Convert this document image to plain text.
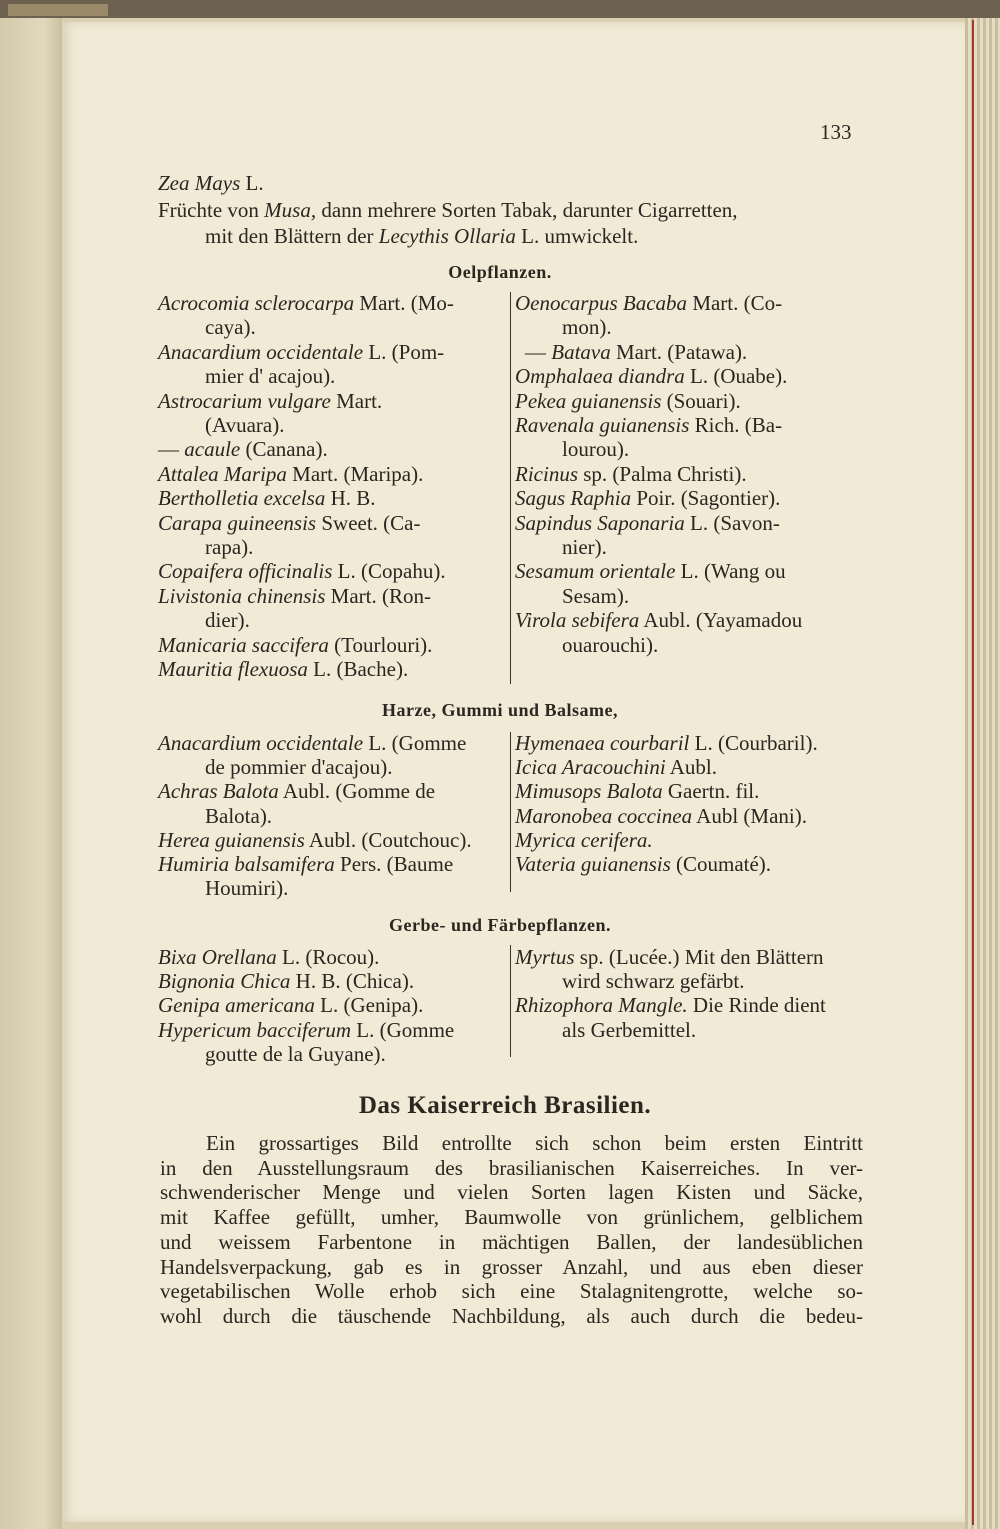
133
Zea Mays L.
Früchte von Musa, dann mehrere Sorten Tabak, darunter Cigarretten,
mit den Blättern der Lecythis Ollaria L. umwickelt.
Acrocomia sclerocarpa Mart. (Mo-
caya).
Anacardium occidentale L. (Pom-
mier d' acajou).
Astrocarium vulgare Mart.
(Avuara).
— acaule (Canana).
Attalea Maripa Mart. (Maripa).
Bertholletia excelsa H. B.
Carapa guineensis Sweet. (Ca-
rapa).
Copaifera officinalis L. (Copahu).
Livistonia chinensis Mart. (Ron-
dier).
Manicaria saccifera (Tourlouri).
Mauritia flexuosa L. (Bache).
Oenocarpus Bacaba Mart. (Co-
mon).
— Batava Mart. (Patawa).
Omphalaea diandra L. (Ouabe).
Pekea guianensis (Souari).
Ravenala guianensis Rich. (Ba-
lourou).
Ricinus sp. (Palma Christi).
Sagus Raphia Poir. (Sagontier).
Sapindus Saponaria L. (Savon-
nier).
Sesamum orientale L. (Wang ou
Sesam).
Virola sebifera Aubl. (Yayamadou
ouarouchi).
Anacardium occidentale L. (Gomme
de pommier d'acajou).
Achras Balota Aubl. (Gomme de
Balota).
Herea guianensis Aubl. (Coutchouc).
Humiria balsamifera Pers. (Baume
Houmiri).
Hymenaea courbaril L. (Courbaril).
Icica Aracouchini Aubl.
Mimusops Balota Gaertn. fil.
Maronobea coccinea Aubl (Mani).
Myrica cerifera.
Vateria guianensis (Coumaté).
Bixa Orellana L. (Rocou).
Bignonia Chica H. B. (Chica).
Genipa americana L. (Genipa).
Hypericum bacciferum L. (Gomme
goutte de la Guyane).
Myrtus sp. (Lucée.) Mit den Blättern
wird schwarz gefärbt.
Rhizophora Mangle. Die Rinde dient
als Gerbemittel.
Ein grossartiges Bild entrollte sich schon beim ersten Eintritt
in den Ausstellungsraum des brasilianischen Kaiserreiches. In ver-
schwenderischer Menge und vielen Sorten lagen Kisten und Säcke,
mit Kaffee gefüllt, umher, Baumwolle von grünlichem, gelblichem
und weissem Farbentone in mächtigen Ballen, der landesüblichen
Handelsverpackung, gab es in grosser Anzahl, und aus eben dieser
vegetabilischen Wolle erhob sich eine Stalagnitengrotte, welche so-
wohl durch die täuschende Nachbildung, als auch durch die bedeu-
Oelpflanzen.
Harze, Gummi und Balsame,
Gerbe- und Färbepflanzen.
Das Kaiserreich Brasilien.
